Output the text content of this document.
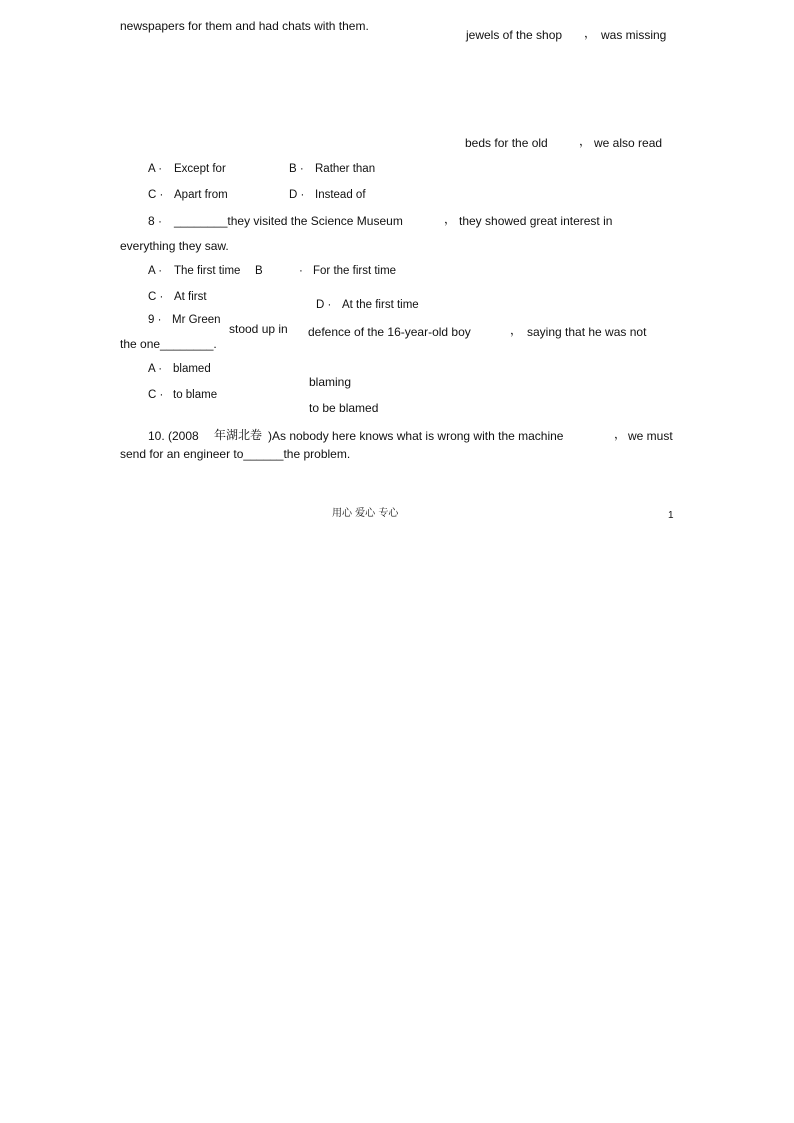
newspapers for them and had chats with them.
jewels of the shop ， was missing
beds for the old	， we also read
A · Except for	B · Rather than
C · Apart from	D · Instead of
8 · ________they visited the Science Museum	， they showed great interest in
everything they saw.
A · The first time B	· For the first time
C · At first
D · At the first time
9 · Mr Green
stood up in defence of the 16-year-old boy	， saying that he was not
the one________.
A · blamed
blaming
C · to blame
to be blamed
10. (2008 年湖北卷 )As nobody here knows what is wrong with the machine	， we must
send for an engineer to______the problem.
用心 爱心 专心	1
